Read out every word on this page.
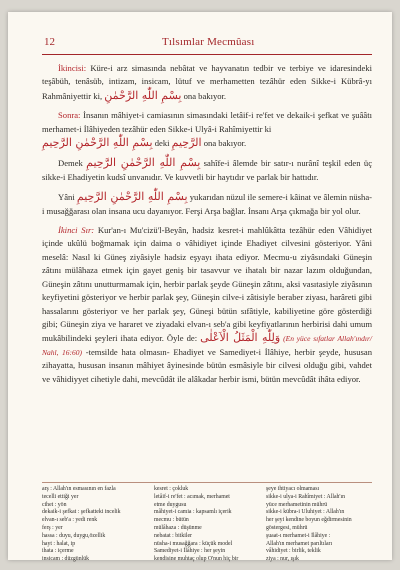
12	Tılsımlar Mecmûası

İkincisi: Küre-i arz simasında nebâtat ve hayvanatın tedbir ve terbiye ve idaresindeki teşâbüh, tenâsüb, intizam, insicam, lütuf ve merhametten tezâhür eden Sikke-i Kübrâ-yı Rahmâniyettir ki, بِسْمِ اللّٰهِ الرَّحْمٰنِ ona bakıyor.

Sonra: İnsanın mâhiyet-i camiasının simasındaki letâif-i re'fet ve dekaik-i şefkat ve şuââtı merhamet-i İlâhiyeden tezâhür eden Sikke-i Ulyâ-i Rahîmiyettir ki
بِسْمِ اللّٰهِ الرَّحْمٰنِ الرَّحِيمِ deki الرَّحِيمِ ona bakıyor.

Demek بِسْمِ اللّٰهِ الرَّحْمٰنِ الرَّحِيمِ sahîfe-i âlemde bir satır-ı nurânî teşkil eden üç sikke-i Ehadiyetin kudsî unvanıdır. Ve kuvvetli bir haytıdır ve parlak bir hattıdır.

Yâni بِسْمِ اللّٰهِ الرَّحْمٰنِ الرَّحِيمِ yukarıdan nüzul ile semere-i kâinat ve âlemin nüsha-i musağğarası olan insana ucu dayanıyor. Ferşi Arşa bağlar. İnsanı Arşa çıkmağa bir yol olur.

İkinci Sır: Kur'an-ı Mu'cizü'l-Beyân, hadsiz kesret-i mahlûkâtta tezâhür eden Vâhidiyet içinde ukûlü boğmamak için daima o vâhidiyet içinde Ehadiyet cilvesini gösteriyor. Yâni meselâ: Nasıl ki Güneş ziyâsiyle hadsiz eşyayı ihata ediyor. Mecmu-u ziyâsındaki Güneşin zâtını mülâhaza etmek için gayet geniş bir tasavvur ve ihatalı bir nazar lazım olduğundan, Güneşin zâtını unutturmamak için, herbir parlak şeyde Güneşin zâtını, aksi vasıtasiyle ziyâsının keyfiyetini gösteriyor ve herbir parlak şey, Güneşin cilve-i zâtisiyle beraber ziyası, harâreti gibi hassalarını gösteriyor ve her parlak şey, Güneşi bütün sıfâtiyle, kabiliyetine göre gösterdiği gibi; Güneşin ziya ve hararet ve ziyadaki elvan-ı seb'a gibi keyfiyatlarının herbirisi dahi umum mukâbilindeki şeyleri ihata ediyor. Öyle de: وَلِلّٰهِ الْمَثَلُ الْاَعْلٰى (En yüce sıfatlar Allah'ındır/ Nahl, 16:60) -temsilde hata olmasın- Ehadiyet ve Samediyet-i İlâhiye, herbir şeyde, hususan zihayatta, hususan insanın mâhiyet âyinesinde bütün esmâsiyle bir cilvesi olduğu gibi, vahdet ve vâhidiyyet cihetiyle dahi, mevcûdât ile alâkadar herbir ismi, bütün mevcûdât ihâta ediyor.

arş : Allah'ın esmasının en fazla
tecelli ettiği yer
cihet : yön
dekaik-i şefkat : şefkatteki incelik
elvan-ı seb'a : yedi renk
ferş : yer
hassa : duyu, duygu,özellik
hayt : halat, ip
ihata : içerme
insicam : düzgünlük
kesret : çokluk
letâif-i re'fet : acımak, merhamet
etme duygusu
mâhiyet-i camia : kapsamlı içerik
mecmu : bütün
mülâhaza : düşünme
nebatat : bitkiler
nüsha-i musağğara : küçük model
Samediyet-i İlâhiye : her şeyin
kendisine muhtaç olup O'nun hiç bir
şeye ihtiyacı olmaması
sikke-i ulya-i Rahîmiyet : Allah'ın
yüce merhametinin mührü
sikke-i kübra-i Uluhiyet : Allah'ın
her şeyi kendine boyun eğdirmesinin
göstergesi, mührü
şuaat-ı merhamet-i İlâhiye :
Allah'ın merhamet parıltıları
vâhidiyet : birlik, teklik
ziya : nur, ışık
